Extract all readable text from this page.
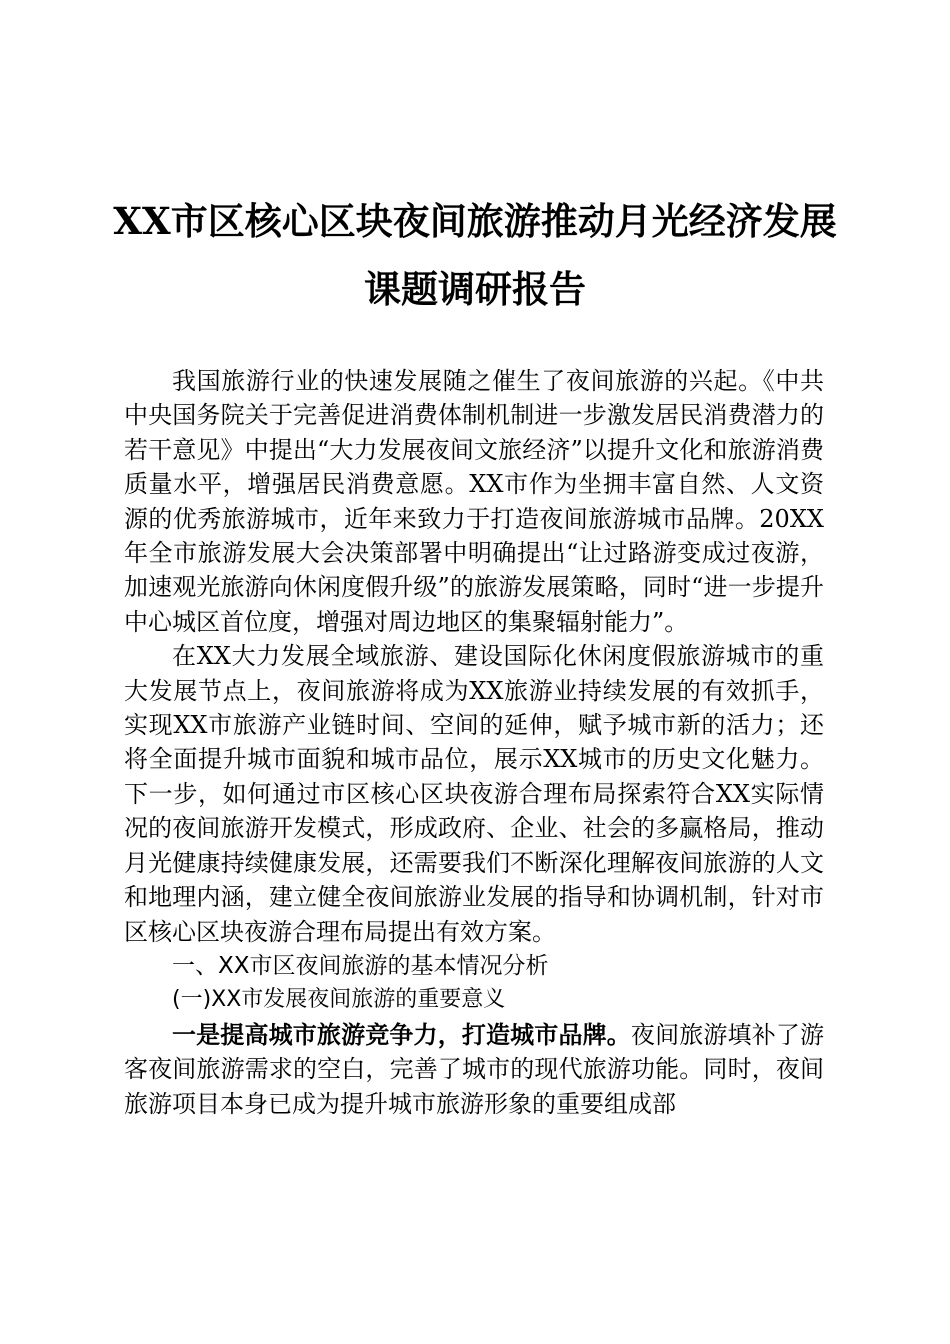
XX市区核心区块夜间旅游推动月光经济发展
课题调研报告

我国旅游行业的快速发展随之催生了夜间旅游的兴起。《中共中央国务院关于完善促进消费体制机制进一步激发居民消费潜力的若干意见》中提出“大力发展夜间文旅经济”以提升文化和旅游消费质量水平，增强居民消费意愿。XX市作为坐拥丰富自然、人文资源的优秀旅游城市，近年来致力于打造夜间旅游城市品牌。20XX年全市旅游发展大会决策部署中明确提出“让过路游变成过夜游，加速观光旅游向休闲度假升级”的旅游发展策略，同时“进一步提升中心城区首位度，增强对周边地区的集聚辐射能力”。

在XX大力发展全域旅游、建设国际化休闲度假旅游城市的重大发展节点上，夜间旅游将成为XX旅游业持续发展的有效抓手，实现XX市旅游产业链时间、空间的延伸，赋予城市新的活力；还将全面提升城市面貌和城市品位，展示XX城市的历史文化魅力。下一步，如何通过市区核心区块夜游合理布局探索符合XX实际情况的夜间旅游开发模式，形成政府、企业、社会的多赢格局，推动月光健康持续健康发展，还需要我们不断深化理解夜间旅游的人文和地理内涵，建立健全夜间旅游业发展的指导和协调机制，针对市区核心区块夜游合理布局提出有效方案。

一、XX市区夜间旅游的基本情况分析

(一)XX市发展夜间旅游的重要意义

一是提高城市旅游竞争力，打造城市品牌。夜间旅游填补了游客夜间旅游需求的空白，完善了城市的现代旅游功能。同时，夜间旅游项目本身已成为提升城市旅游形象的重要组成部
